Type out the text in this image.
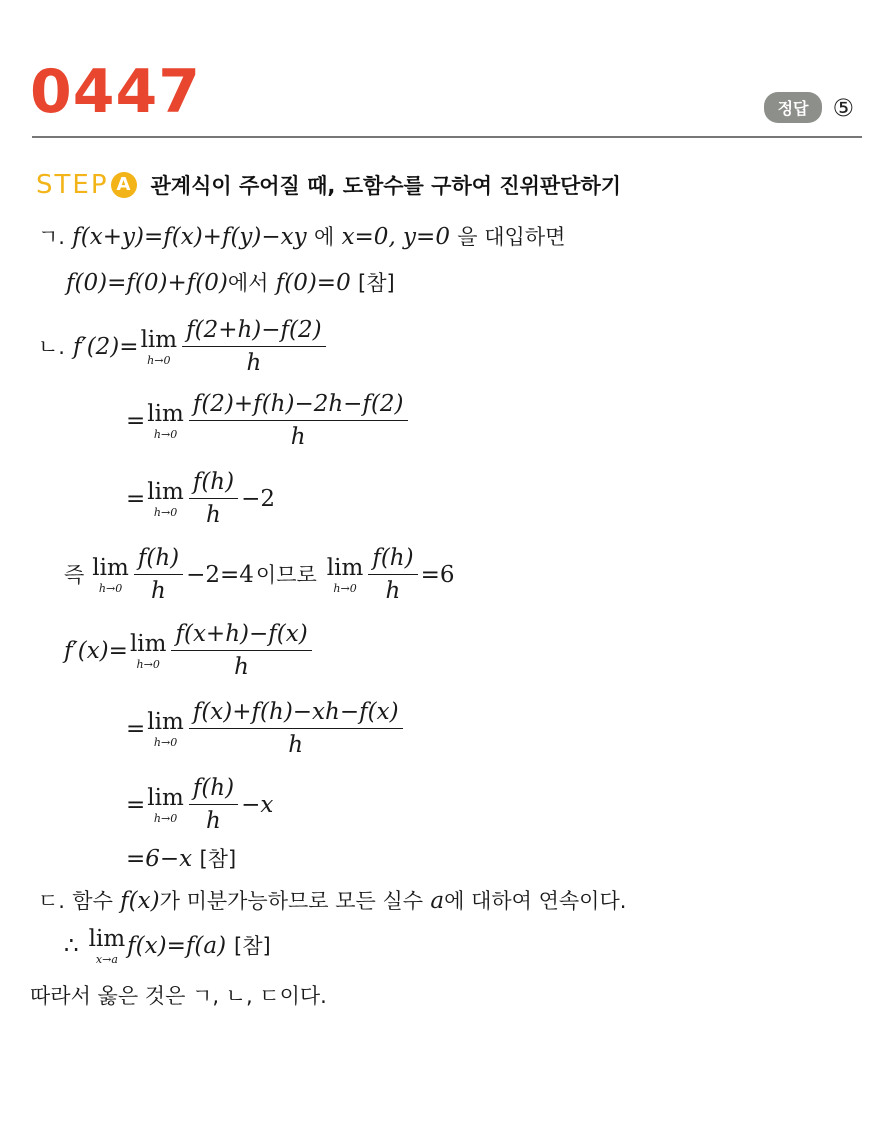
0447	정답	⑤
STEP A 관계식이 주어질 때, 도함수를 구하여 진위판단하기
ㄱ. f(x+y)=f(x)+f(y)−xy 에 x=0, y=0 을 대입하면
f(0)=f(0)+f(0)에서 f(0)=0 [참]
ㄴ. f′(2)= lim
$h\to 0 \frac{f(2+h)-f(2)}{h}$
= lim
$h\to 0 \frac{f(2)+f(h)-2h-f(2)}{h}$
= lim
$h\to 0 \frac{f(h)}{h} -2$
즉 lim
$h\to 0 \frac{f(h)}{h} -2=4$ 이므로 lim
$h\to 0 \frac{f(h)}{h} =6$
f′(x)= lim
$h\to 0 \frac{f(x+h)-f(x)}{h}$
= lim
$h\to 0 \frac{f(x)+f(h)-xh-f(x)}{h}$
= lim
$h\to 0 \frac{f(h)}{h} -x$
=6−x [참]
ㄷ. 함수 f(x)가 미분가능하므로 모든 실수 a에 대하여 연속이다.
∴ lim
x→a
f(x)=f(a) [참]
따라서 옳은 것은 ㄱ, ㄴ, ㄷ이다.
